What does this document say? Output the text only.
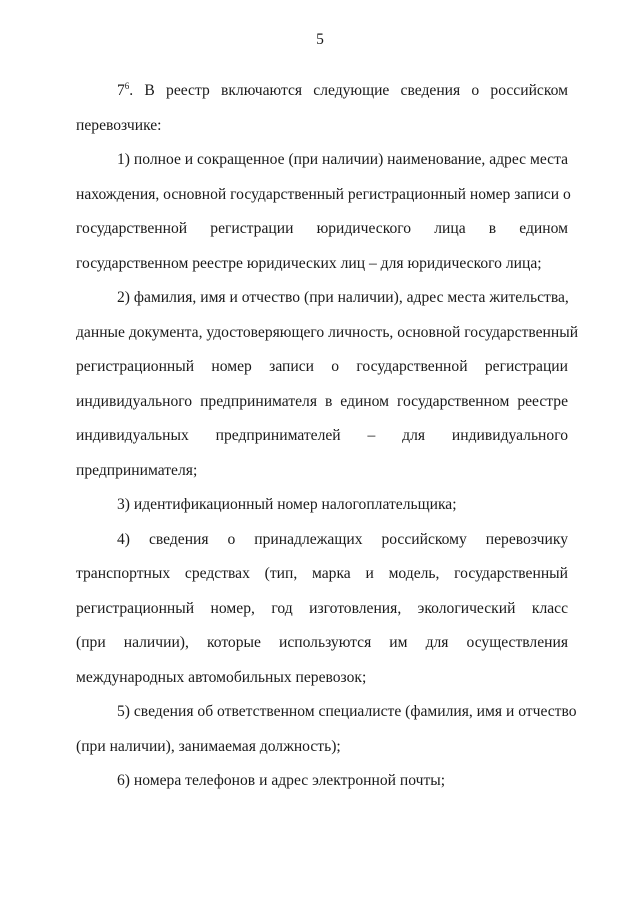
5
$7^6$. В реестр включаются следующие сведения о российском
перевозчике:
1) полное и сокращенное (при наличии) наименование, адрес места
нахождения, основной государственный регистрационный номер записи о
государственной регистрации юридического лица в едином
государственном реестре юридических лиц – для юридического лица;
2) фамилия, имя и отчество (при наличии), адрес места жительства,
данные документа, удостоверяющего личность, основной государственный
регистрационный номер записи о государственной регистрации
индивидуального предпринимателя в едином государственном реестре
индивидуальных предпринимателей – для индивидуального
предпринимателя;

3) идентификационный номер налогоплательщика;

4) сведения о принадлежащих российскому перевозчику
транспортных средствах (тип, марка и модель, государственный
регистрационный номер, год изготовления, экологический класс
(при наличии), которые используются им для осуществления
международных автомобильных перевозок;
5) сведения об ответственном специалисте (фамилия, имя и отчество
(при наличии), занимаемая должность);

6) номера телефонов и адрес электронной почты;
